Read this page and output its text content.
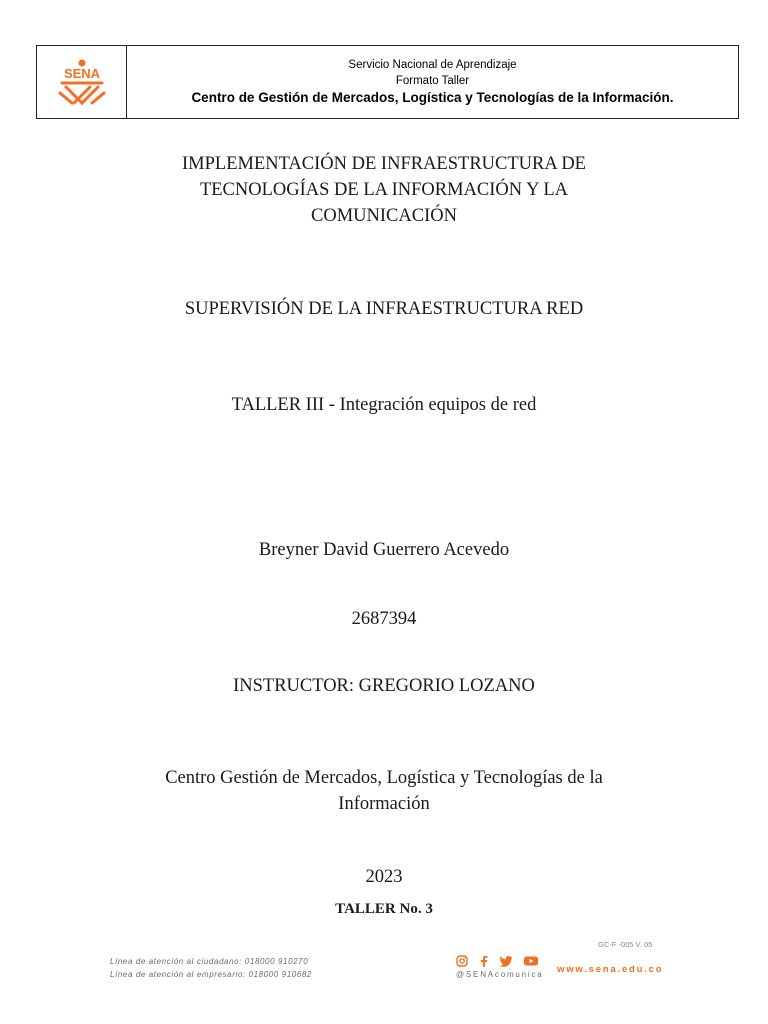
SENA
Servicio Nacional de Aprendizaje
Formato Taller
Centro de Gestión de Mercados, Logística y Tecnologías de la Información.
IMPLEMENTACIÓN DE INFRAESTRUCTURA DE
TECNOLOGÍAS DE LA INFORMACIÓN Y LA
COMUNICACIÓN
SUPERVISIÓN DE LA INFRAESTRUCTURA RED
TALLER III - Integración equipos de red
Breyner David Guerrero Acevedo
2687394
INSTRUCTOR: GREGORIO LOZANO
Centro Gestión de Mercados, Logística y Tecnologías de la
Información
2023
TALLER No. 3
GC-F -005 V. 05
Línea de atención al ciudadano: 018000 910270
Línea de atención al empresario: 018000 910682	@SENAcomunica www.sena.edu.co
